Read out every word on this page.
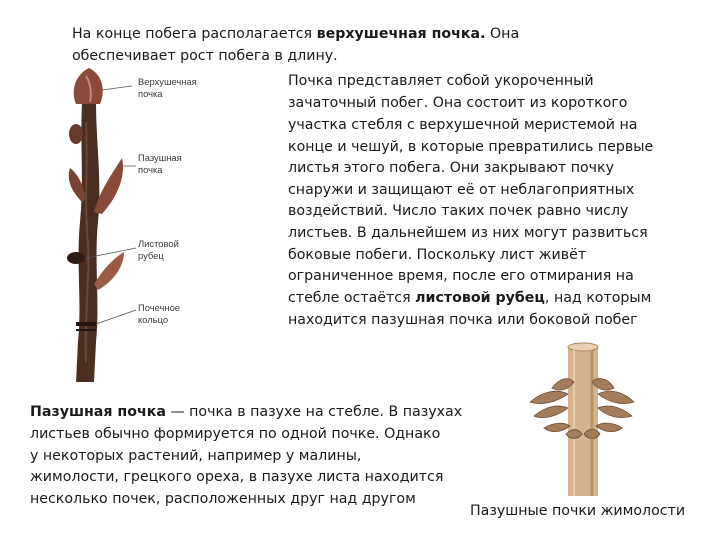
На конце побега располагается верхушечная почка. Она
обеспечивает рост побега в длину.
Почка представляет собой укороченный
зачаточный побег. Она состоит из короткого
участка стебля с верхушечной меристемой на
конце и чешуй, в которые превратились первые
листья этого побега. Они закрывают почку
снаружи и защищают её от неблагоприятных
воздействий. Число таких почек равно числу
листьев. В дальнейшем из них могут развиться
боковые побеги. Поскольку лист живёт
ограниченное время, после его отмирания на
стебле остаётся листовой рубец, над которым
находится пазушная почка или боковой побег
Верхушечная
почка
Пазушная
почка
Листовой
рубец
Почечное
кольцо
Пазушная почка — почка в пазухе на стебле. В пазухах
листьев обычно формируется по одной почке. Однако
у некоторых растений, например у малины,
жимолости, грецкого ореха, в пазухе листа находится
несколько почек, расположенных друг над другом
Пазушные почки жимолости
